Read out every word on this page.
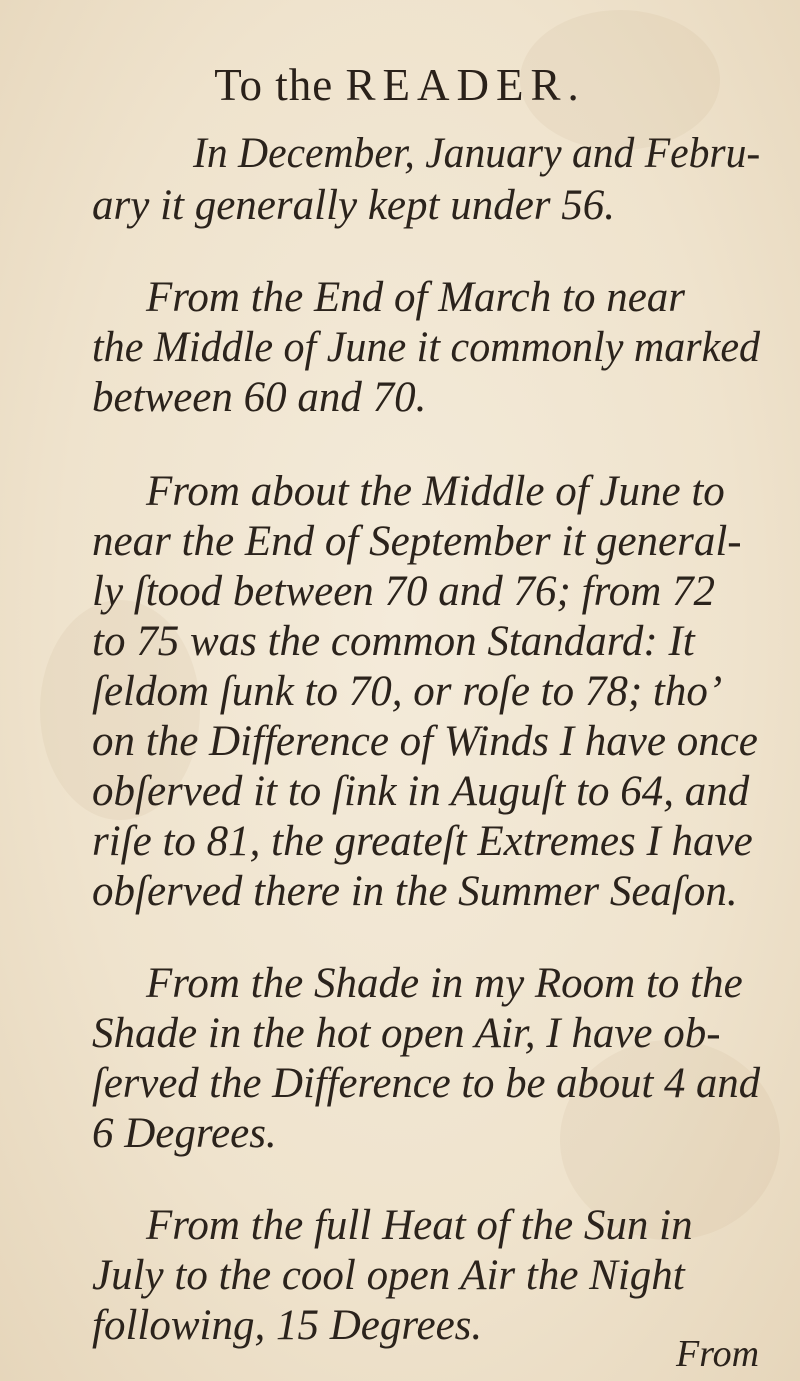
To the READER.
In December, January and Febru-
ary it generally kept under 56.
From the End of March to near
the Middle of June it commonly marked
between 60 and 70.
From about the Middle of June to
near the End of September it general-
ly ſtood between 70 and 76; from 72
to 75 was the common Standard: It
ſeldom ſunk to 70, or roſe to 78; tho’
on the Difference of Winds I have once
obſerved it to ſink in Auguſt to 64, and
riſe to 81, the greateſt Extremes I have
obſerved there in the Summer Seaſon.
From the Shade in my Room to the
Shade in the hot open Air, I have ob-
ſerved the Difference to be about 4 and
6 Degrees.
From the full Heat of the Sun in
July to the cool open Air the Night
following, 15 Degrees.
From
